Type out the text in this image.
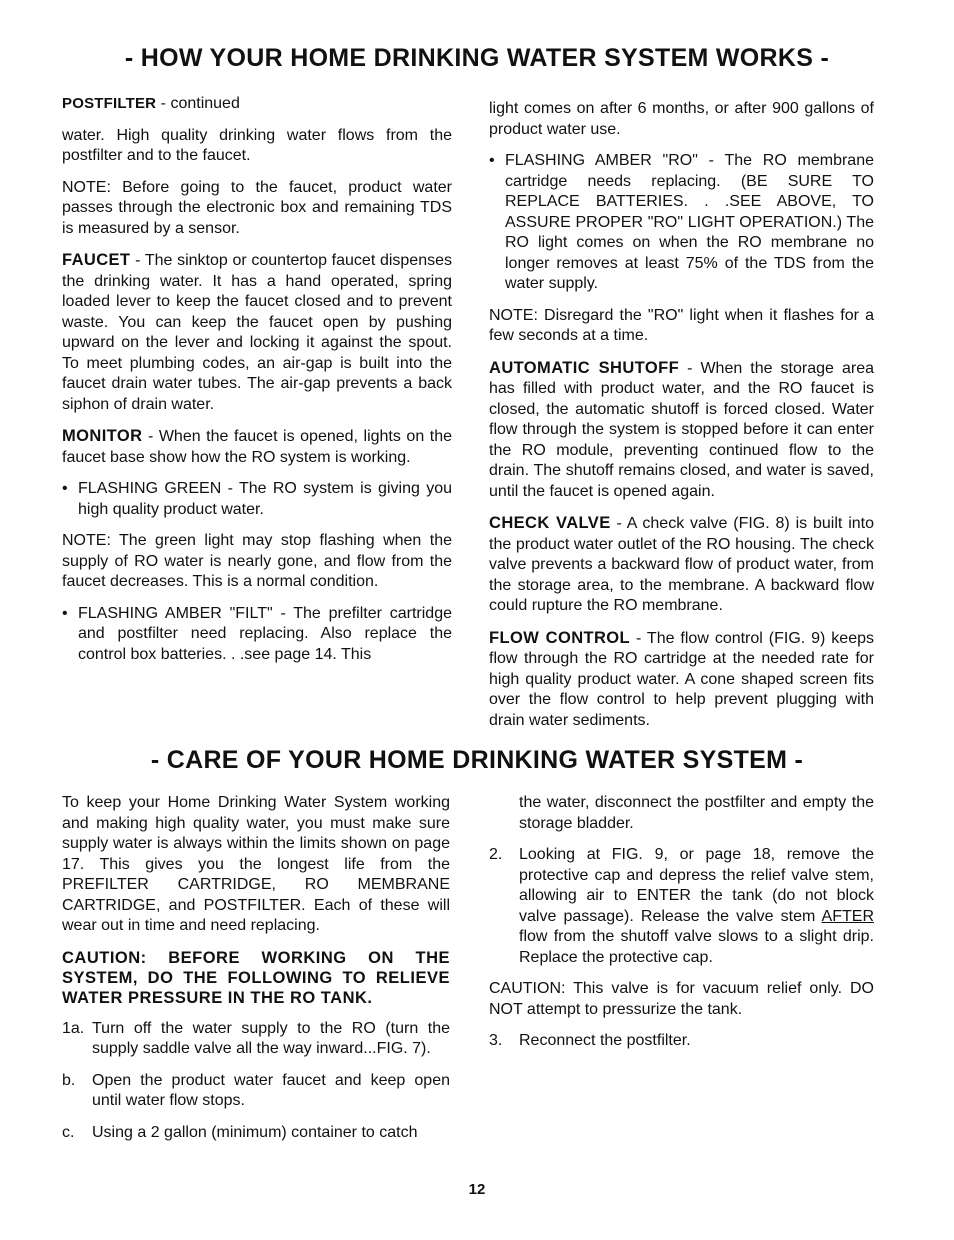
- HOW YOUR HOME DRINKING WATER SYSTEM WORKS -

POSTFILTER - continued

water. High quality drinking water flows from the postfilter and to the faucet.

NOTE: Before going to the faucet, product water passes through the electronic box and remaining TDS is measured by a sensor.

FAUCET - The sinktop or countertop faucet dispenses the drinking water. It has a hand operated, spring loaded lever to keep the faucet closed and to prevent waste. You can keep the faucet open by pushing upward on the lever and locking it against the spout. To meet plumbing codes, an air-gap is built into the faucet drain water tubes. The air-gap prevents a back siphon of drain water.

MONITOR - When the faucet is opened, lights on the faucet base show how the RO system is working.

• FLASHING GREEN - The RO system is giving you high quality product water.

NOTE: The green light may stop flashing when the supply of RO water is nearly gone, and flow from the faucet decreases. This is a normal condition.

• FLASHING AMBER "FILT" - The prefilter cartridge and postfilter need replacing. Also replace the control box batteries. . .see page 14. This

light comes on after 6 months, or after 900 gallons of product water use.

• FLASHING AMBER "RO" - The RO membrane cartridge needs replacing. (BE SURE TO REPLACE BATTERIES. . .SEE ABOVE, TO ASSURE PROPER "RO" LIGHT OPERATION.) The RO light comes on when the RO membrane no longer removes at least 75% of the TDS from the water supply.

NOTE: Disregard the "RO" light when it flashes for a few seconds at a time.

AUTOMATIC SHUTOFF - When the storage area has filled with product water, and the RO faucet is closed, the automatic shutoff is forced closed. Water flow through the system is stopped before it can enter the RO module, preventing continued flow to the drain. The shutoff remains closed, and water is saved, until the faucet is opened again.

CHECK VALVE - A check valve (FIG. 8) is built into the product water outlet of the RO housing. The check valve prevents a backward flow of product water, from the storage area, to the membrane. A backward flow could rupture the RO membrane.

FLOW CONTROL - The flow control (FIG. 9) keeps flow through the RO cartridge at the needed rate for high quality product water. A cone shaped screen fits over the flow control to help prevent plugging with drain water sediments.

- CARE OF YOUR HOME DRINKING WATER SYSTEM -

To keep your Home Drinking Water System working and making high quality water, you must make sure supply water is always within the limits shown on page 17. This gives you the longest life from the PREFILTER CARTRIDGE, RO MEMBRANE CARTRIDGE, and POSTFILTER. Each of these will wear out in time and need replacing.

CAUTION: BEFORE WORKING ON THE SYSTEM, DO THE FOLLOWING TO RELIEVE WATER PRESSURE IN THE RO TANK.

1a. Turn off the water supply to the RO (turn the supply saddle valve all the way inward...FIG. 7).
b. Open the product water faucet and keep open until water flow stops.
c. Using a 2 gallon (minimum) container to catch
the water, disconnect the postfilter and empty the storage bladder.
2. Looking at FIG. 9, or page 18, remove the protective cap and depress the relief valve stem, allowing air to ENTER the tank (do not block valve passage). Release the valve stem AFTER flow from the shutoff valve slows to a slight drip. Replace the protective cap.

CAUTION: This valve is for vacuum relief only. DO NOT attempt to pressurize the tank.

3. Reconnect the postfilter.
12
